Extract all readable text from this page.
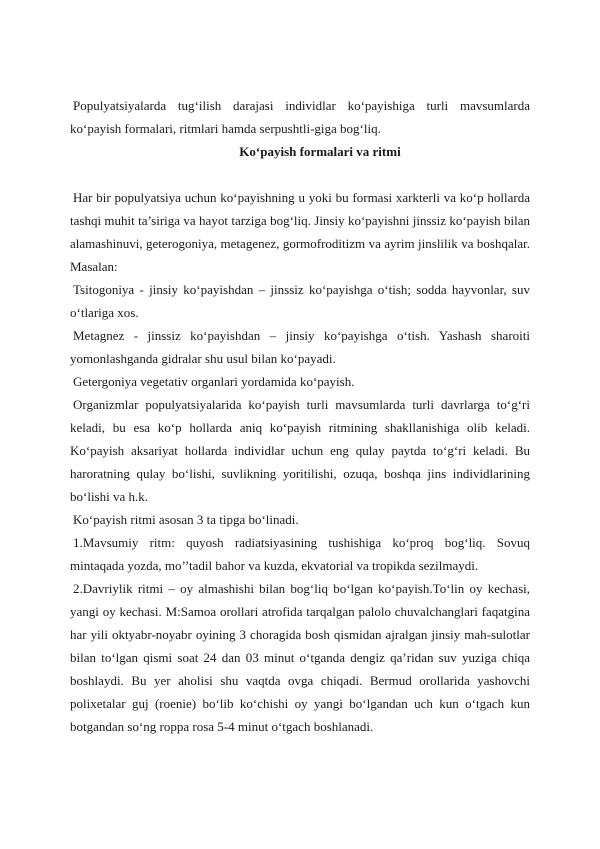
Populyatsiyalarda tug‘ilish darajasi individlar ko‘payishiga turli mavsumlarda ko‘payish formalari, ritmlari hamda serpushtli-giga bog‘liq.

Ko‘payish formalari va ritmi

Har bir populyatsiya uchun ko‘payishning u yoki bu formasi xarkterli va ko‘p hollarda tashqi muhit ta’siriga va hayot tarziga bog‘liq. Jinsiy ko‘payishni jinssiz ko‘payish bilan alamashinuvi, geterogoniya, metagenez, gormofroditizm va ayrim jinslilik va boshqalar. Masalan:

Tsitogoniya - jinsiy ko‘payishdan – jinssiz ko‘payishga o‘tish; sodda hayvonlar, suv o‘tlariga xos.

Metagnez - jinssiz ko‘payishdan – jinsiy ko‘payishga o‘tish. Yashash sharoiti yomonlashganda gidralar shu usul bilan ko‘payadi.

Getergoniya vegetativ organlari yordamida ko‘payish.

Organizmlar populyatsiyalarida ko‘payish turli mavsumlarda turli davrlarga to‘g‘ri keladi, bu esa ko‘p hollarda aniq ko‘payish ritmining shakllanishiga olib keladi. Ko‘payish aksariyat hollarda individlar uchun eng qulay paytda to‘g‘ri keladi. Bu haroratning qulay bo‘lishi, suvlikning yoritilishi, ozuqa, boshqa jins individlarining bo‘lishi va h.k.

Ko‘payish ritmi asosan 3 ta tipga bo‘linadi.

1.Mavsumiy ritm: quyosh radiatsiyasining tushishiga ko‘proq bog‘liq. Sovuq mintaqada yozda, mo’’tadil bahor va kuzda, ekvatorial va tropikda sezilmaydi.

2.Davriylik ritmi – oy almashishi bilan bog‘liq bo‘lgan ko‘payish.To‘lin oy kechasi, yangi oy kechasi. M:Samoa orollari atrofida tarqalgan palolo chuvalchanglari faqatgina har yili oktyabr-noyabr oyining 3 choragida bosh qismidan ajralgan jinsiy mah-sulotlar bilan to‘lgan qismi soat 24 dan 03 minut o‘tganda dengiz qa’ridan suv yuziga chiqa boshlaydi. Bu yer aholisi shu vaqtda ovga chiqadi. Bermud orollarida yashovchi polixetalar guj (roenie) bo‘lib ko‘chishi oy yangi bo‘lgandan uch kun o‘tgach kun botgandan so‘ng roppa rosa 5-4 minut o‘tgach boshlanadi.
